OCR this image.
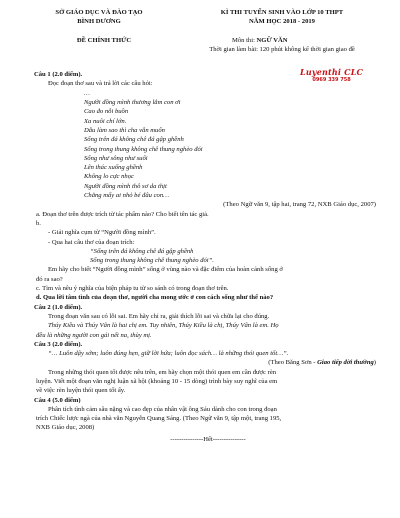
SỞ GIÁO DỤC VÀ ĐÀO TẠO
BÌNH DƯƠNG
ĐỀ CHÍNH THỨC
KÌ THI TUYỂN SINH VÀO LỚP 10 THPT
NĂM HỌC 2018 - 2019
Môn thi: NGỮ VĂN
Thời gian làm bài: 120 phút không kể thời gian giao đề
Luyenthi CLC
0969 339 758
Câu 1 (2.0 điểm).
Đọc đoạn thơ sau và trả lời các câu hỏi:
…
Người đồng mình thương lắm con ơi
Cao đo nỗi buồn
Xa nuôi chí lớn.
Dẫu làm sao thì cha vẫn muốn
Sống trên đá không chê đá gập ghềnh
Sống trong thung không chê thung nghèo đói
Sống như sông như suối
Lên thác xuống ghềnh
Không lo cực nhọc
Người đồng mình thô sơ da thịt
Chẳng mấy ai nhỏ bé đâu con…
(Theo Ngữ văn 9, tập hai, trang 72, NXB Giáo dục, 2007)
a. Đoạn thơ trên được trích từ tác phẩm nào? Cho biết tên tác giả.
b.
- Giải nghĩa cụm từ “Người đồng mình”.
- Qua hai câu thơ của đoạn trích:
“Sống trên đá không chê đá gập ghềnh
Sống trong thung không chê thung nghèo đói”.
Em hãy cho biết “Người đồng mình” sống ở vùng nào và đặc điểm của hoàn cảnh sống ở
đó ra sao?
c. Tìm và nêu ý nghĩa của biện pháp tu từ so sánh có trong đoạn thơ trên.
d. Qua lời tâm tình của đoạn thơ, người cha mong ước ở con cách sống như thế nào?
Câu 2 (1.0 điểm).
Trong đoạn văn sau có lỗi sai. Em hãy chỉ ra, giải thích lỗi sai và chữa lại cho đúng.
Thúy Kiều và Thúy Vân là hai chị em. Tuy nhiên, Thúy Kiều là chị, Thúy Vân là em. Họ
đều là những người con gái nết na, thùy mị.
Câu 3 (2.0 điểm).
“… Luôn dậy sớm; luôn đúng hẹn, giữ lời hứa; luôn đọc sách… là những thói quen tốt…”.
(Theo Băng Sơn - Giao tiếp đời thường)
Trong những thói quen tốt được nêu trên, em hãy chọn một thói quen em cần được rèn
luyện. Viết một đoạn văn nghị luận xã hội (khoảng 10 - 15 dòng) trình bày suy nghĩ của em
về việc rèn luyện thói quen tốt ấy.
Câu 4 (5.0 điểm)
Phân tích tình cảm sâu nặng và cao đẹp của nhân vật ông Sáu dành cho con trong đoạn
trích Chiếc lược ngà của nhà văn Nguyễn Quang Sáng. (Theo Ngữ văn 9, tập một, trang 195,
NXB Giáo dục, 2008)
---------------Hết---------------
